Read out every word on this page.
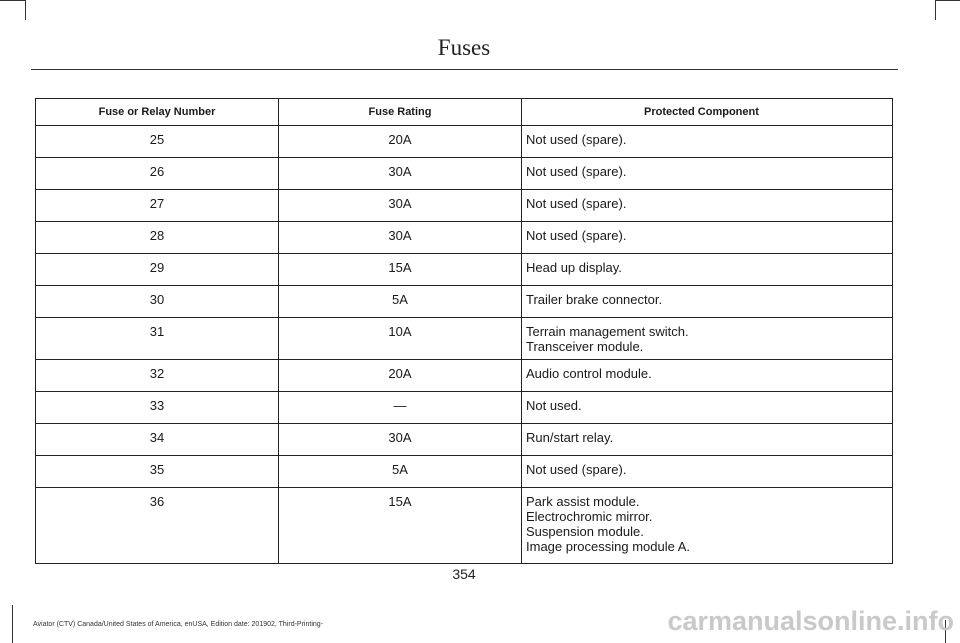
Fuses
Fuse or Relay Number	Fuse Rating	Protected Component
25	20A	Not used (spare).

26	30A	Not used (spare).

27	30A	Not used (spare).

28	30A	Not used (spare).

29	15A	Head up display.

30	5A	Trailer brake connector.

31	10A	Terrain management switch.
Transceiver module.

32	20A	Audio control module.

33	—	Not used.

34	30A	Run/start relay.

35	5A	Not used (spare).

36	15A	Park assist module.
Electrochromic mirror.
Suspension module.
Image processing module A.
354
Aviator (CTV) Canada/United States of America, enUSA, Edition date: 201902, Third-Printing-	carmanualsonline.info
